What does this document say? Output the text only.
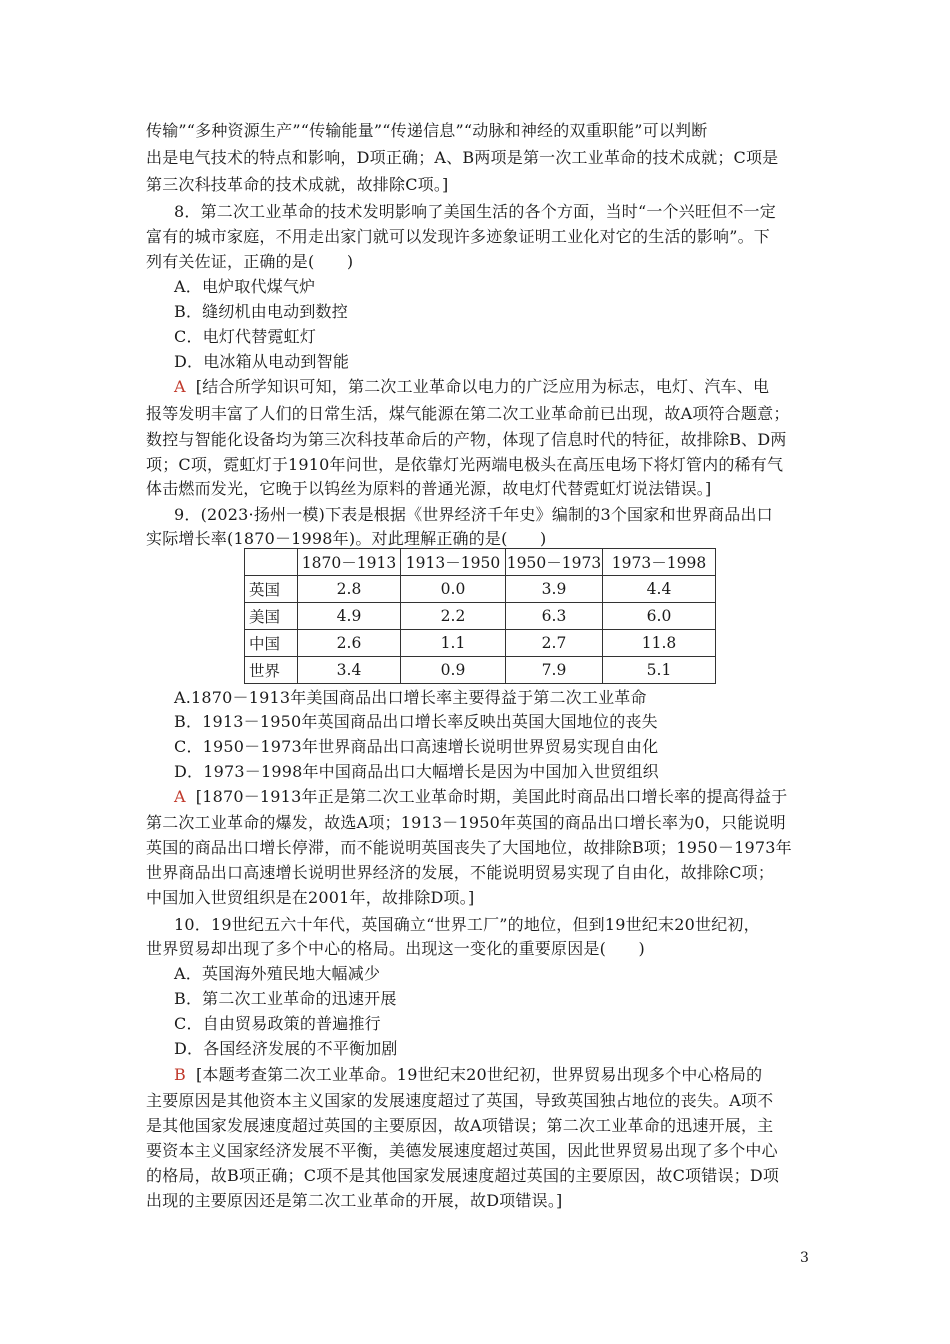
传输”“多种资源生产”“传输能量”“传递信息”“动脉和神经的双重职能”可以判断
出是电气技术的特点和影响，D项正确；A、B两项是第一次工业革命的技术成就；C项是
第三次科技革命的技术成就，故排除C项。]
8．第二次工业革命的技术发明影响了美国生活的各个方面，当时“一个兴旺但不一定
富有的城市家庭，不用走出家门就可以发现许多迹象证明工业化对它的生活的影响”。下
列有关佐证，正确的是(　　)
A．电炉取代煤气炉
B．缝纫机由电动到数控
C．电灯代替霓虹灯
D．电冰箱从电动到智能
A [结合所学知识可知，第二次工业革命以电力的广泛应用为标志，电灯、汽车、电
报等发明丰富了人们的日常生活，煤气能源在第二次工业革命前已出现，故A项符合题意；
数控与智能化设备均为第三次科技革命后的产物，体现了信息时代的特征，故排除B、D两
项；C项，霓虹灯于1910年问世，是依靠灯光两端电极头在高压电场下将灯管内的稀有气
体击燃而发光，它晚于以钨丝为原料的普通光源，故电灯代替霓虹灯说法错误。]
9．(2023·扬州一模)下表是根据《世界经济千年史》编制的3个国家和世界商品出口
实际增长率(1870－1998年)。对此理解正确的是(　　)
	1870－1913	1913－1950	1950－1973	1973－1998
英国	2.8	0.0	3.9	4.4
美国	4.9	2.2	6.3	6.0
中国	2.6	1.1	2.7	11.8
世界	3.4	0.9	7.9	5.1
A.1870－1913年美国商品出口增长率主要得益于第二次工业革命
B．1913－1950年英国商品出口增长率反映出英国大国地位的丧失
C．1950－1973年世界商品出口高速增长说明世界贸易实现自由化
D．1973－1998年中国商品出口大幅增长是因为中国加入世贸组织
A [1870－1913年正是第二次工业革命时期，美国此时商品出口增长率的提高得益于
第二次工业革命的爆发，故选A项；1913－1950年英国的商品出口增长率为0，只能说明
英国的商品出口增长停滞，而不能说明英国丧失了大国地位，故排除B项；1950－1973年
世界商品出口高速增长说明世界经济的发展，不能说明贸易实现了自由化，故排除C项；
中国加入世贸组织是在2001年，故排除D项。]
10．19世纪五六十年代，英国确立“世界工厂”的地位，但到19世纪末20世纪初，
世界贸易却出现了多个中心的格局。出现这一变化的重要原因是(　　)
A．英国海外殖民地大幅减少
B．第二次工业革命的迅速开展
C．自由贸易政策的普遍推行
D．各国经济发展的不平衡加剧
B [本题考查第二次工业革命。19世纪末20世纪初，世界贸易出现多个中心格局的
主要原因是其他资本主义国家的发展速度超过了英国，导致英国独占地位的丧失。A项不
是其他国家发展速度超过英国的主要原因，故A项错误；第二次工业革命的迅速开展，主
要资本主义国家经济发展不平衡，美德发展速度超过英国，因此世界贸易出现了多个中心
的格局，故B项正确；C项不是其他国家发展速度超过英国的主要原因，故C项错误；D项
出现的主要原因还是第二次工业革命的开展，故D项错误。]
3
